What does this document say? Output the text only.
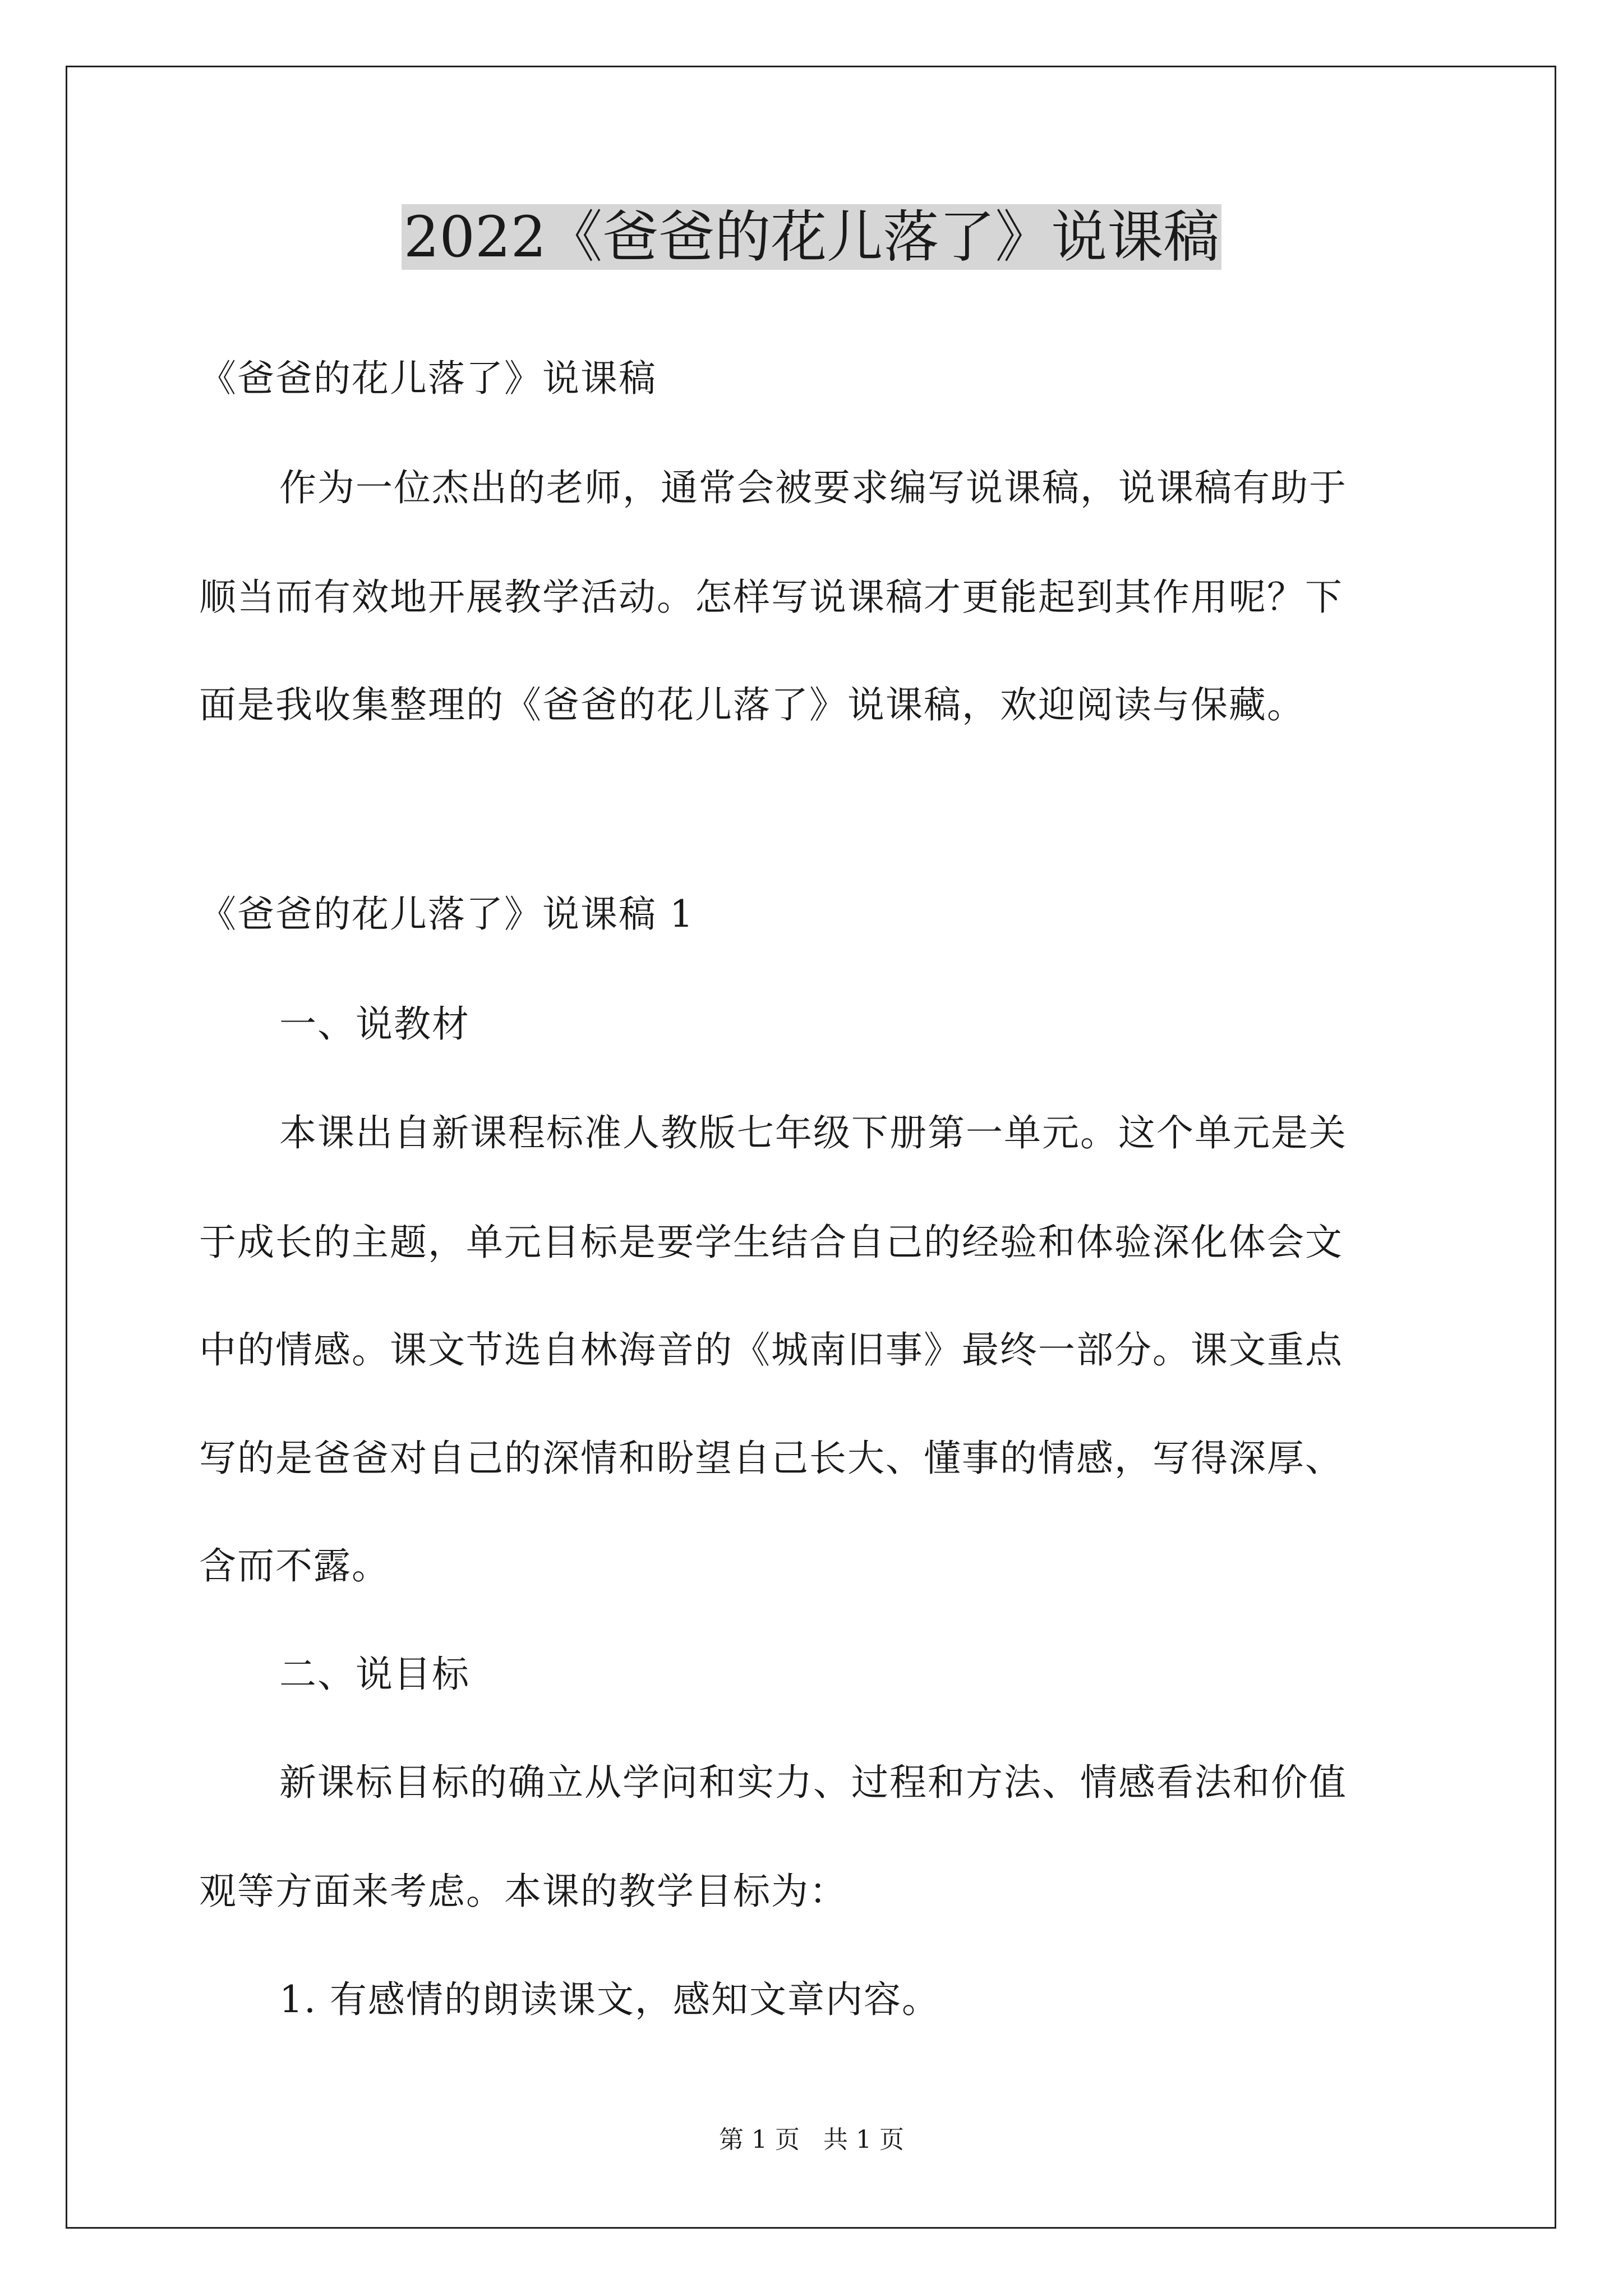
2022《爸爸的花儿落了》说课稿
《爸爸的花儿落了》说课稿
作为一位杰出的老师，通常会被要求编写说课稿，说课稿有助于
顺当而有效地开展教学活动。怎样写说课稿才更能起到其作用呢？下
面是我收集整理的《爸爸的花儿落了》说课稿，欢迎阅读与保藏。
《爸爸的花儿落了》说课稿 1
一、说教材
本课出自新课程标准人教版七年级下册第一单元。这个单元是关
于成长的主题，单元目标是要学生结合自己的经验和体验深化体会文
中的情感。课文节选自林海音的《城南旧事》最终一部分。课文重点
写的是爸爸对自己的深情和盼望自己长大、懂事的情感，写得深厚、
含而不露。
二、说目标
新课标目标的确立从学问和实力、过程和方法、情感看法和价值
观等方面来考虑。本课的教学目标为：
1. 有感情的朗读课文，感知文章内容。
第 1 页   共 1 页
